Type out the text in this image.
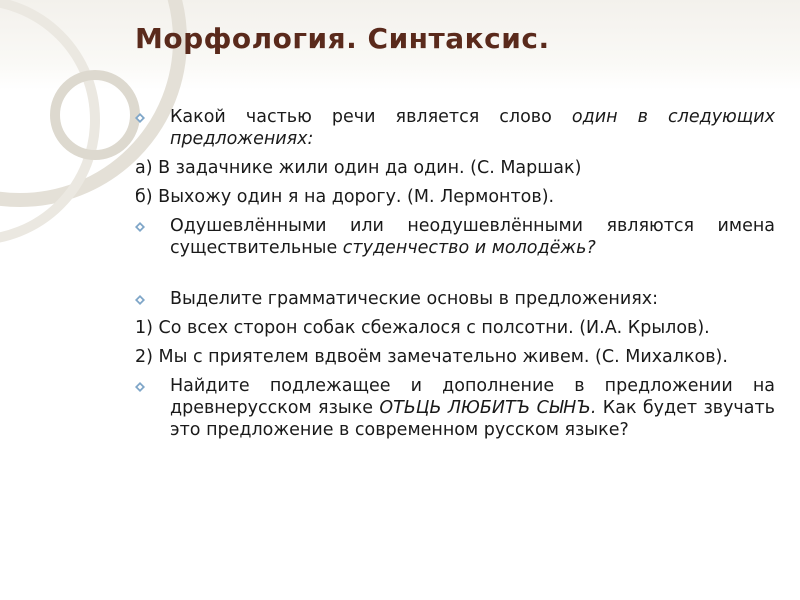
Морфология. Синтаксис.

Какой частью речи является слово один в следующих предложениях:

а) В задачнике жили один да один. (С. Маршак)

б) Выхожу один я на дорогу. (М. Лермонтов).

Одушевлёнными или неодушевлёнными являются имена существительные студенчество и молодёжь?

Выделите грамматические основы в предложениях:

1) Со всех сторон собак сбежалося с полсотни. (И.А. Крылов).

2) Мы с приятелем вдвоём замечательно живем. (С. Михалков).

Найдите подлежащее и дополнение в предложении на древнерусском языке ОТЬЦЬ ЛЮБИТЪ СЫНЪ. Как будет звучать это предложение в современном русском языке?
